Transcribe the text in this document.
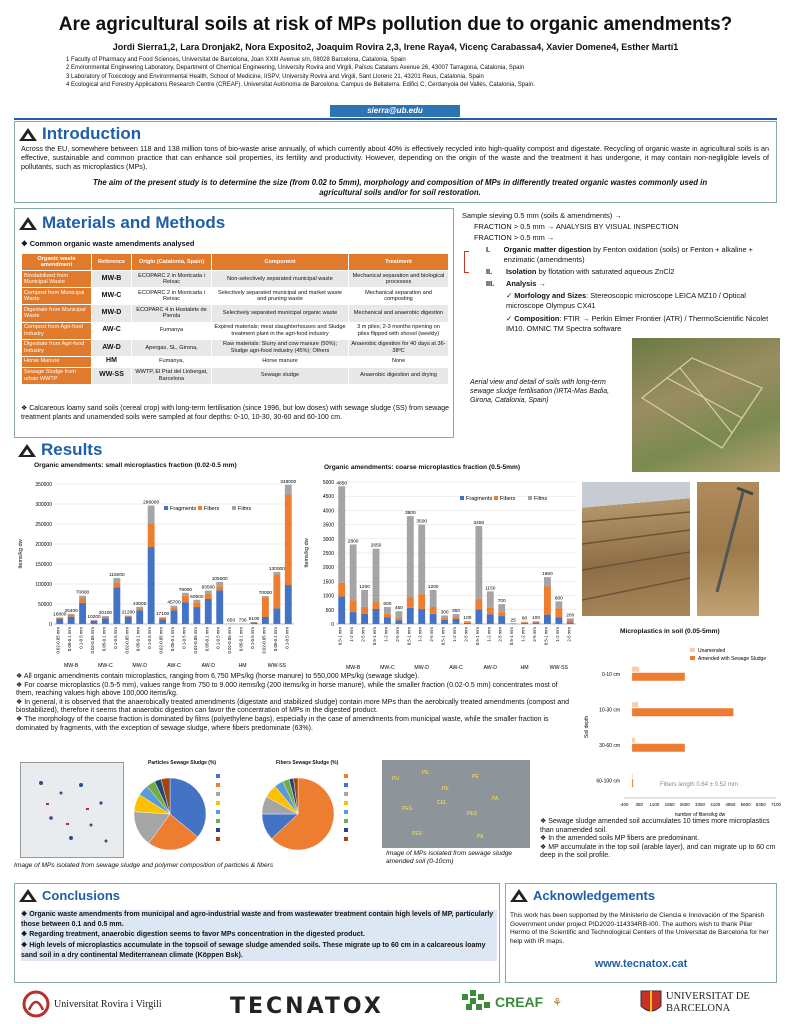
Are agricultural soils at risk of MPs pollution due to organic amendments?
Jordi Sierra1,2, Lara Dronjak2, Nora Exposito2, Joaquim Rovira 2,3, Irene Raya4, Vicenç Carabassa4, Xavier Domene4, Esther Martí1
1 Faculty of Pharmacy and Food Sciences, Universitat de Barcelona, Joan XXIII Avenue s/n, 08028 Barcelona, Catalonia, Spain
2 Environmental Engineering Laboratory, Department of Chemical Engineering, University Rovira and Virgili, Països Catalans Avenue 26, 43007 Tarragona, Catalonia, Spain
3 Laboratory of Toxicology and Environmental Health, School of Medicine, IISPV, University Rovira and Virgili, Sant Llorenc 21, 43201 Reus, Catalonia, Spain
4 Ecological and Forestry Applications Research Centre (CREAF). Universitat Autònoma de Barcelona. Campus de Bellaterra. Edifici C, Cerdanyola del Vallès, Catalonia, Spain.
sierra@ub.edu
Introduction
Across the EU, somewhere between 118 and 138 million tons of bio-waste arise annually, of which currently about 40% is effectively recycled into high-quality compost and digestate. Recycling of organic waste in agricultural soils is an effective, sustainable and common practice that can enhance soil properties, its fertility and productivity. However, depending on the origin of the waste and the treatment it has undergone, it may contain non-negligible levels of pollutants, such as microplastics (MPs).
The aim of the present study is to determine the size (from 0.02 to 5mm), morphology and composition of MPs in differently treated organic wastes commonly used in agricultural soils and/or for soil restoration.
Materials and Methods
❖ Common organic waste amendments analysed
Organic waste amendment	Reference	Origin (Catalonia, Spain)	Component	Treatment
Biostabilized from Municipal Waste	MW-B	ECOPARC 2 in Montcada i Reixac	Non-selectively separated municipal waste	Mechanical separation and biological processes
Compost from Municipal Waste	MW-C	ECOPARC 2 in Montcada i Reixac	Selectively separated municipal and market waste and pruning waste	Mechanical separation and composting
Digestate from Municipal Waste	MW-D	ECOPARC 4 in Hostalets de Pierola	Selectively separated municipal organic waste	Mechanical and anaerobic digestion
Compost from Agri-food Industry	AW-C	Fumanya	Expired materials; meat slaughterhouses and Sludge treatment plant in the agri-food industry	3 m piles; 2-3 months ripening on piles flipped with shovel (weekly)
Digestate from Agri-food Industry	AW-D	Apergas, SL, Girona,	Raw materials: Slurry and cow manure (50%); Sludge agri-food industry (45%); Others	Anaerobic digestion for 40 days at 36- 38ºC
Horse Manure	HM	Fumanya,	Horse manure	None
Sewage Sludge from urban WWTP	WW-SS	WWTP, El Prat del Llobergat, Barcelona	Sewage sludge	Anaerobic digestion and drying
❖ Calcareous loamy sand soils (cereal crop) with long-term fertilisation (since 1996, but low doses) with sewage sludge (SS) from sewage treatment plants and unamended soils were sampled at four depths: 0-10, 10-30, 30-60 and 60-100 cm.
Sample sieving 0.5 mm (soils & amendments) →
FRACTION > 0.5 mm → ANALYSIS BY VISUAL INSPECTION
FRACTION > 0.5 mm →
I.	Organic matter digestion by Fenton oxidation (soils) or Fenton + alkaline + enzimatic (amendments)
II.	Isolation by flotation with saturated aqueous ZnCl2
III.	Analysis →
✓ Morfology and Sizes: Stereoscopic microscope LEICA MZ10 / Optical microscope Olympus CX41
✓ Composition: FTIR → Perkin Elmer Frontier (ATR) / ThermoScientific Nicolet IM10. OMNIC TM Spectra software
Aerial view and detail of soils with long-term sewage sludge fertilisation (IRTA-Mas Badia, Girona, Catalonia, Spain)
Results
Organic amendments: small microplastics fraction (0.02-0.5 mm)
0
50000
100000
150000
200000
250000
300000
350000
16800
0.02-0.05 mm
25400
0.05-0.1 mm
70800
0.1-0.5 mm
10200
0.02-0.05 mm
20100
0.05-0.1 mm
115000
0.1-0.5 mm
21200
0.02-0.05 mm
43000
0.05-0.1 mm
296000
0.1-0.5 mm
17100
0.02-0.05 mm
45700
0.05-0.1 mm
78000
0.1-0.5 mm
60600
0.02-0.05 mm
83500
0.05-0.1 mm
105000
0.1-0.5 mm
650
0.02-0.05 mm
730
0.05-0.1 mm
5100
0.1-0.5 mm
70000
0.02-0.05 mm
130000
0.05-0.1 mm
348000
0.1-0.5 mm
MW-B	MW-C	MW-D	AW-C	AW-D	HM	WW-SS
Items/kg dw
Fragments Fibers	Films
Organic amendments: coarse microplastics fraction (0.5-5mm)
0
500
1000
1500
2000
2500
3000
3500
4000
4500
5000 4850
0.5-1 mm
2800
1-2 mm
1200
2-5 mm
2650
0.5-1 mm
600
1-2 mm
450
2-5 mm
3800
0.5-1 mm
3500
1-2 mm
1200
2-5 mm
300
0.5-1 mm
350
1-2 mm
100
2-5 mm
3450
0.5-1 mm
1150
1-2 mm
700
2-5 mm
25
0.5-1 mm
80
1-2 mm
100
2-5 mm
1650
0.5-1 mm
800
1-2 mm
200
2-5 mm
MW-B	MW-C	MW-D	AW-C	AW-D	HM	WW-SS
Items/kg dw
Fragments Fibers	Films
Microplastics in soil (0.05-5mm)
-400 350 1100 1850 2600 3350 4100 4850 5600 6350 7100
0-10 cm
10-30 cm
30-60 cm
60-100 cm
number of fibers/kg dw
Soil depth
Unamended
Amended with Sewage Sludge
Fibers length 0.64 ± 0.52 mm
❖ All organic amendments contain microplastics, ranging from 6,750 MPs/kg (horse manure) to 550,000 MPs/kg (sewage sludge).
❖ For coarse microplastics (0.5-5 mm), values range from 750 to 9.000 items/kg (200 items/kg in horse manure), while the smaller fraction (0.02-0.5 mm) concentrates most of them, reaching values high above 100,000 items/kg.
❖ In general, it is observed that the anaerobically treated amendments (digestate and stabilized sludge) contain more MPs than the aerobically treated amendments (compost and biostabilized), therefore it seems that anaerobic digestion can favor the concentration of MPs in the digested product.
❖ The morphology of the coarse fraction is dominated by films (polyethylene bags), especially in the case of amendments from municipal waste, while the smaller fraction is dominated by fragments, with the exception of sewage sludge, where fibers predominate (63%).
Particles Sewage Sludge (%)	Fibers Sewage Sludge (%)
PU
PE
PE
PE
PES
CEL
PES
PA
PES	PA
Image of MPs isolated from sewage sludge and polymer composition of particles & fibers
Image of MPs isolated from sewage sludge amended soil (0-10cm)
❖ Sewage sludge amended soil accumulates 10 times more microplastics than unamended soil.
❖ In the amended soils MP fibers are predominant.
❖ MP accumulate in the top soil (arable layer), and can migrate up to 60 cm deep in the soil profile.
Conclusions
❖ Organic waste amendments from municipal and agro-industrial waste and from wastewater treatment contain high levels of MP, particularly those between 0.1 and 0.5 mm.
❖ Regarding treatment, anaerobic digestion seems to favor MPs concentration in the digested product.
❖ High levels of microplastics accumulate in the topsoil of sewage sludge amended soils. These migrate up to 60 cm in a calcareous loamy sand soil in a dry continental Mediterranean climate (Köppen Bsk).
Acknowledgements
This work has been supported by the Ministerio de Ciencia e Innovación of the Spanish Government under project PID2020-114334RB-I00. The authors wish to thank Pilar Hermo of the Scientific and Technological Centers of the Universitat de Barcelona for her help with IR maps.
www.tecnatox.cat
Universitat Rovira i Virgili	TECNATOX	CREAF ⚘	UNIVERSITAT DE BARCELONA
